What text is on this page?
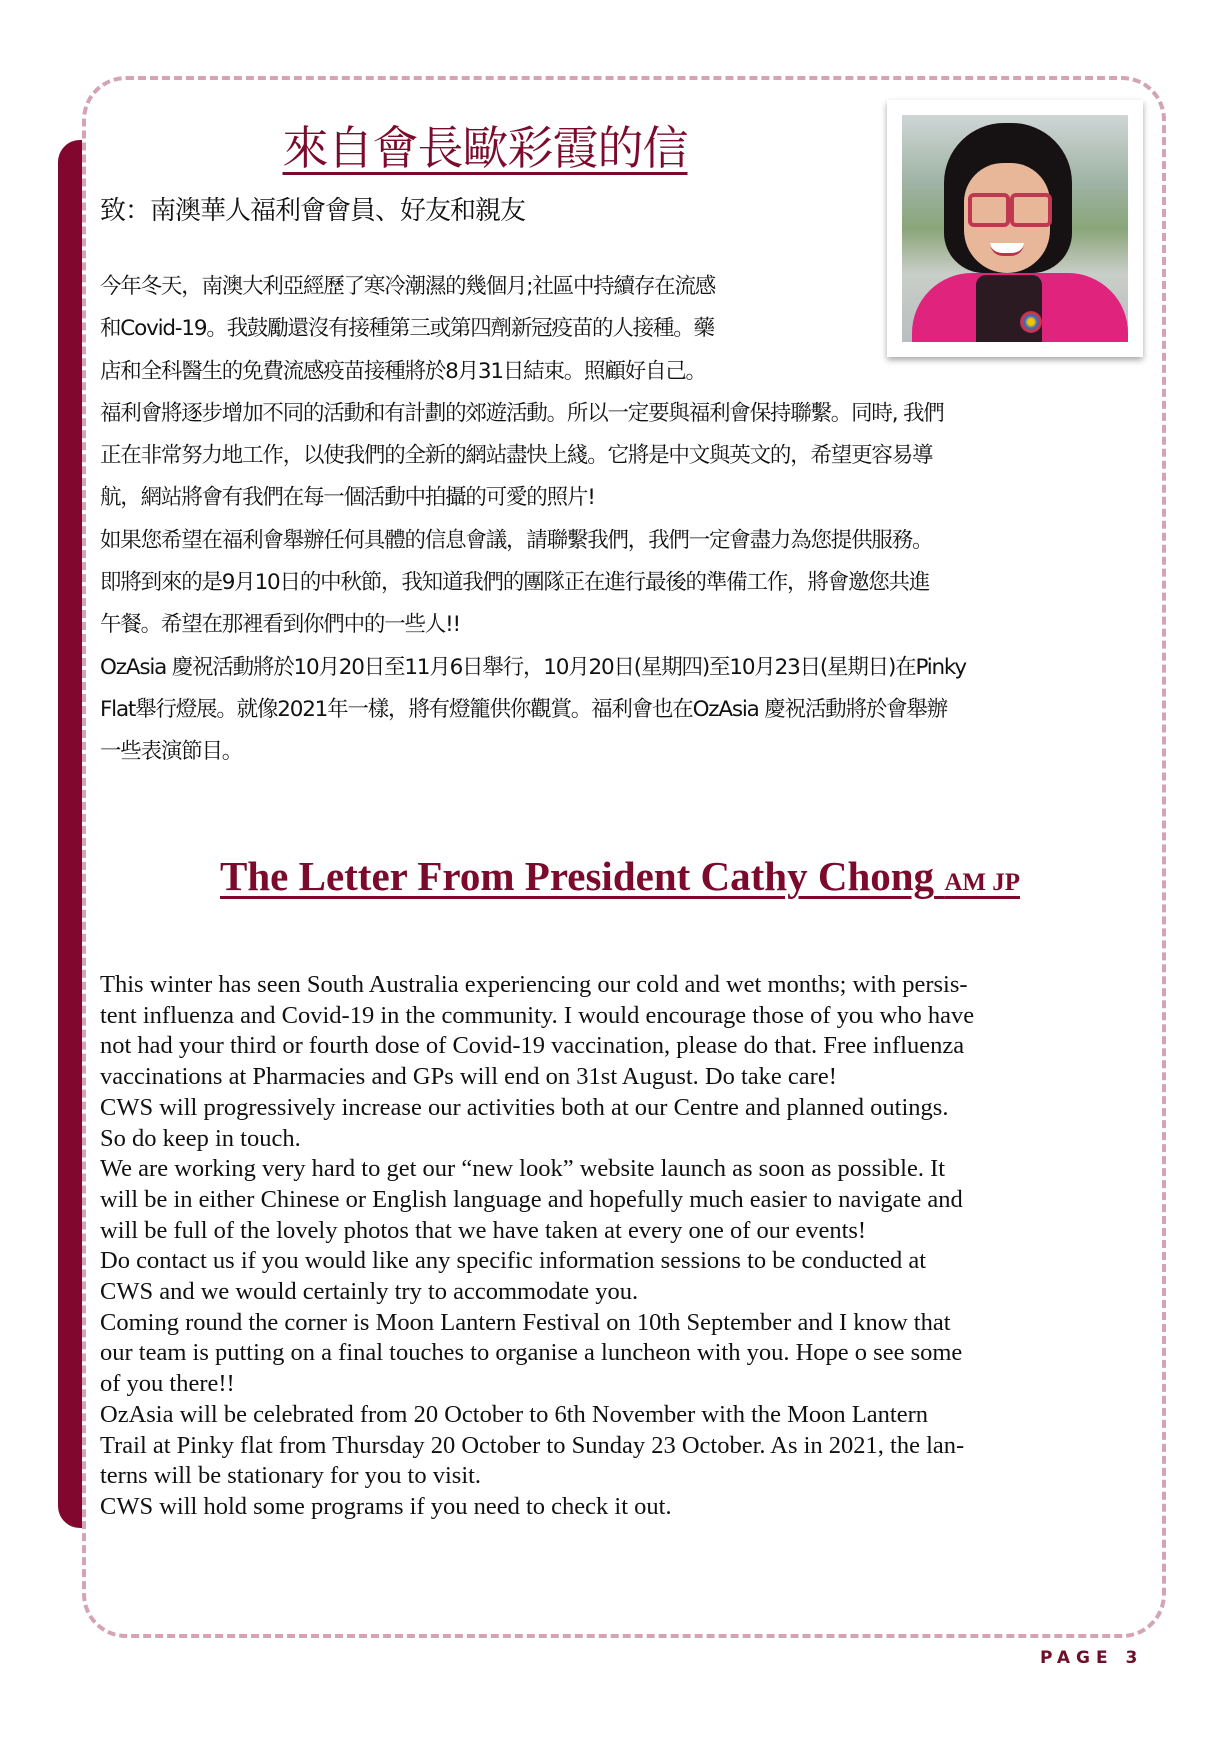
來自會長歐彩霞的信
致：南澳華人福利會會員、好友和親友
今年冬天，南澳大利亞經歷了寒冷潮濕的幾個月;社區中持續存在流感
和Covid-19。我鼓勵還沒有接種第三或第四劑新冠疫苗的人接種。藥
店和全科醫生的免費流感疫苗接種將於8月31日結束。照顧好自己。
福利會將逐步增加不同的活動和有計劃的郊遊活動。所以一定要與福利會保持聯繫。同時, 我們
正在非常努力地工作，以使我們的全新的網站盡快上綫。它將是中文與英文的，希望更容易導
航，網站將會有我們在每一個活動中拍攝的可愛的照片!
如果您希望在福利會舉辦任何具體的信息會議，請聯繫我們，我們一定會盡力為您提供服務。
即將到來的是9月10日的中秋節，我知道我們的團隊正在進行最後的準備工作，將會邀您共進
午餐。希望在那裡看到你們中的一些人!!
OzAsia 慶祝活動將於10月20日至11月6日舉行，10月20日(星期四)至10月23日(星期日)在Pinky
Flat舉行燈展。就像2021年一樣，將有燈籠供你觀賞。福利會也在OzAsia 慶祝活動將於會舉辦
一些表演節目。
The Letter From President Cathy Chong AM JP
This winter has seen South Australia experiencing our cold and wet months; with persis-
tent influenza and Covid-19 in the community. I would encourage those of you who have
not had your third or fourth dose of Covid-19 vaccination, please do that. Free influenza
vaccinations at Pharmacies and GPs will end on 31st August. Do take care!
CWS will progressively increase our activities both at our Centre and planned outings.
So do keep in touch.
We are working very hard to get our “new look” website launch as soon as possible. It
will be in either Chinese or English language and hopefully much easier to navigate and
will be full of the lovely photos that we have taken at every one of our events!
Do contact us if you would like any specific information sessions to be conducted at
CWS and we would certainly try to accommodate you.
Coming round the corner is Moon Lantern Festival on 10th September and I know that
our team is putting on a final touches to organise a luncheon with you. Hope o see some
of you there!!
OzAsia will be celebrated from 20 October to 6th November with the Moon Lantern
Trail at Pinky flat from Thursday 20 October to Sunday 23 October. As in 2021, the lan-
terns will be stationary for you to visit.
CWS will hold some programs if you need to check it out.
PAGE 3
